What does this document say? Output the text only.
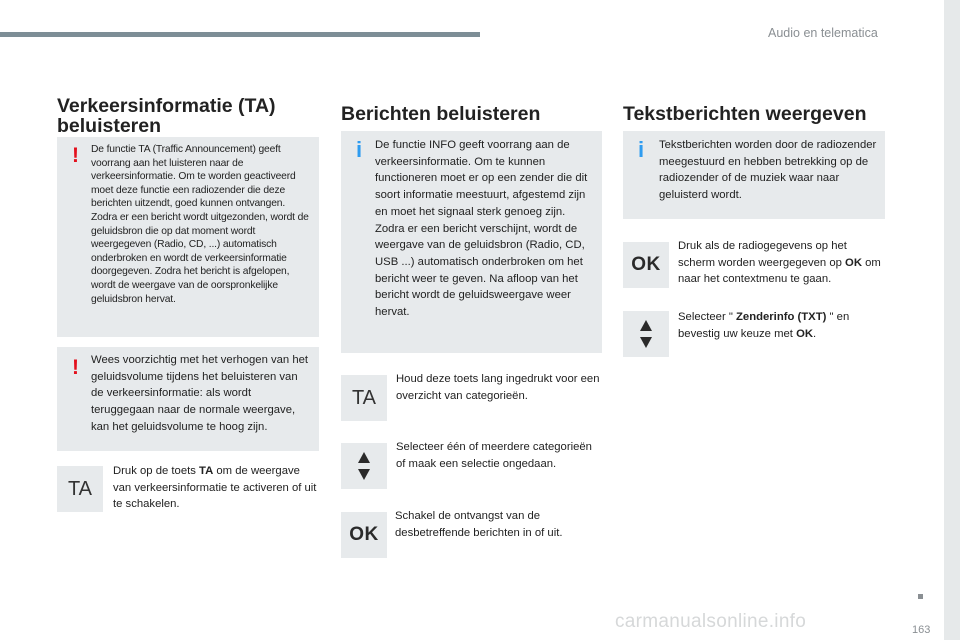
Audio en telematica
Verkeersinformatie (TA) beluisteren
! De functie TA (Traffic Announcement) geeft voorrang aan het luisteren naar de verkeersinformatie. Om te worden geactiveerd moet deze functie een radiozender die deze berichten uitzendt, goed kunnen ontvangen. Zodra er een bericht wordt uitgezonden, wordt de geluidsbron die op dat moment wordt weergegeven (Radio, CD, ...) automatisch onderbroken en wordt de verkeersinformatie doorgegeven. Zodra het bericht is afgelopen, wordt de weergave van de oorspronkelijke geluidsbron hervat.
! Wees voorzichtig met het verhogen van het geluidsvolume tijdens het beluisteren van de verkeersinformatie: als wordt teruggegaan naar de normale weergave, kan het geluidsvolume te hoog zijn.
TA
Druk op de toets TA om de weergave van verkeersinformatie te activeren of uit te schakelen.
Berichten beluisteren
i De functie INFO geeft voorrang aan de verkeersinformatie. Om te kunnen functioneren moet er op een zender die dit soort informatie meestuurt, afgestemd zijn en moet het signaal sterk genoeg zijn. Zodra er een bericht verschijnt, wordt de weergave van de geluidsbron (Radio, CD, USB ...) automatisch onderbroken om het bericht weer te geven. Na afloop van het bericht wordt de geluidsweergave weer hervat.
TA
Houd deze toets lang ingedrukt voor een overzicht van categorieën.
Selecteer één of meerdere categorieën of maak een selectie ongedaan.
OK
Schakel de ontvangst van de desbetreffende berichten in of uit.
Tekstberichten weergeven
i Tekstberichten worden door de radiozender meegestuurd en hebben betrekking op de radiozender of de muziek waar naar geluisterd wordt.
OK
Druk als de radiogegevens op het scherm worden weergegeven op OK om naar het contextmenu te gaan.
Selecteer " Zenderinfo (TXT) " en bevestig uw keuze met OK.
carmanualsonline.info	163
